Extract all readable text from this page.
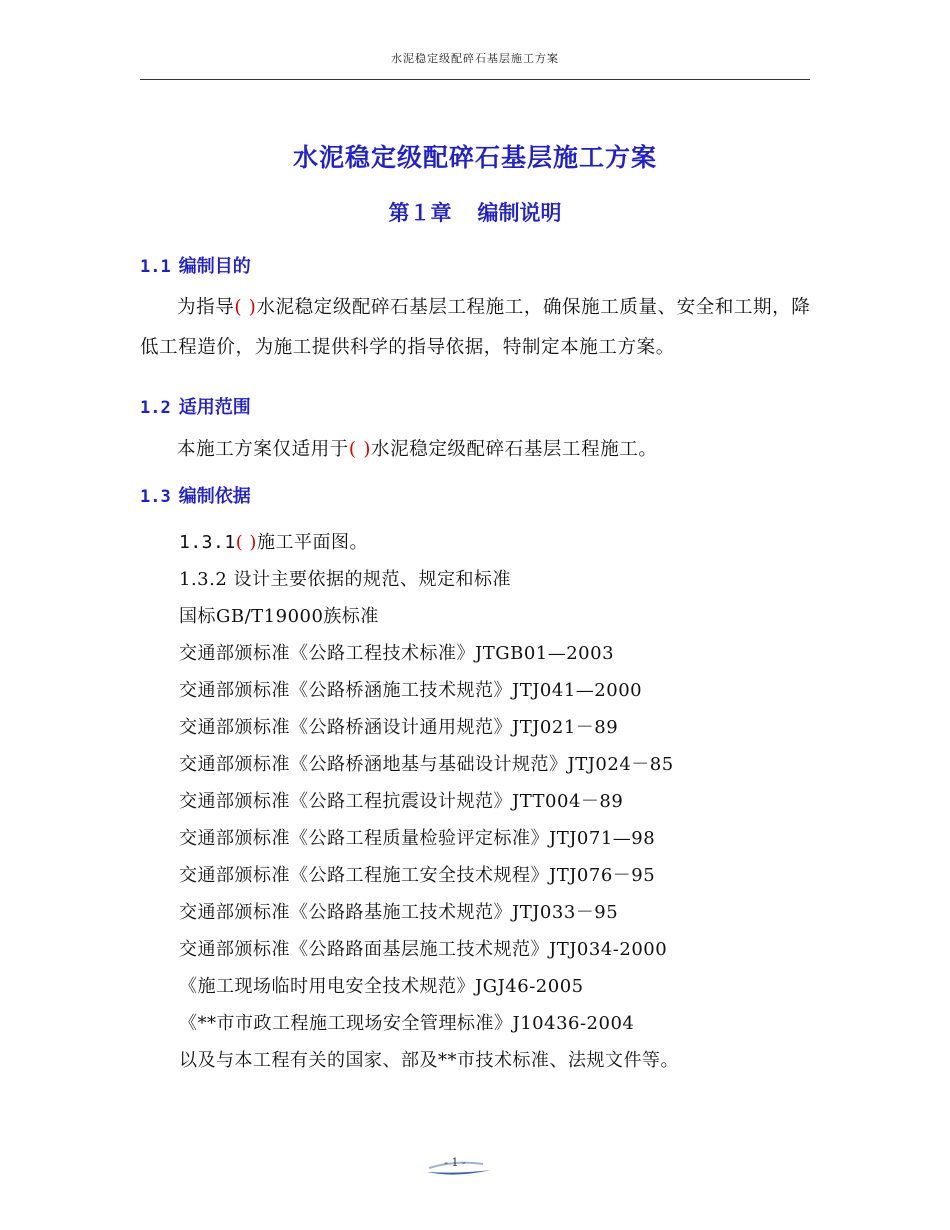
水泥稳定级配碎石基层施工方案
水泥稳定级配碎石基层施工方案
第１章 编制说明
1.1 编制目的
为指导( )水泥稳定级配碎石基层工程施工，确保施工质量、安全和工期，降低工程造价，为施工提供科学的指导依据，特制定本施工方案。
1.2 适用范围
本施工方案仅适用于( )水泥稳定级配碎石基层工程施工。
1.3 编制依据
1.3.1( )施工平面图。
1.3.2 设计主要依据的规范、规定和标准
国标GB/T19000族标准
交通部颁标准《公路工程技术标准》JTGB01—2003
交通部颁标准《公路桥涵施工技术规范》JTJ041—2000
交通部颁标准《公路桥涵设计通用规范》JTJ021－89
交通部颁标准《公路桥涵地基与基础设计规范》JTJ024－85
交通部颁标准《公路工程抗震设计规范》JTT004－89
交通部颁标准《公路工程质量检验评定标准》JTJ071—98
交通部颁标准《公路工程施工安全技术规程》JTJ076－95
交通部颁标准《公路路基施工技术规范》JTJ033－95
交通部颁标准《公路路面基层施工技术规范》JTJ034-2000
《施工现场临时用电安全技术规范》JGJ46-2005
《**市市政工程施工现场安全管理标准》J10436-2004
以及与本工程有关的国家、部及**市技术标准、法规文件等。
- 1 -
